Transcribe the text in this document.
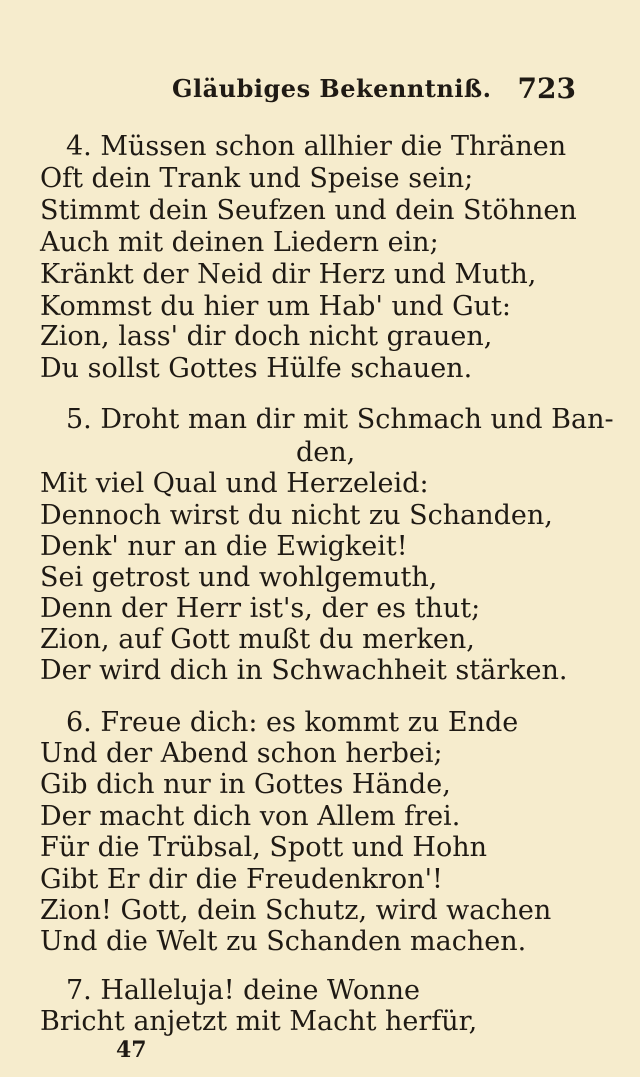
Gläubiges Bekenntniß. 723
4. Müssen schon allhier die Thränen
Oft dein Trank und Speise sein;
Stimmt dein Seufzen und dein Stöhnen
Auch mit deinen Liedern ein;
Kränkt der Neid dir Herz und Muth,
Kommst du hier um Hab' und Gut:
Zion, lass' dir doch nicht grauen,
Du sollst Gottes Hülfe schauen.
5. Droht man dir mit Schmach und Ban-
den,
Mit viel Qual und Herzeleid:
Dennoch wirst du nicht zu Schanden,
Denk' nur an die Ewigkeit!
Sei getrost und wohlgemuth,
Denn der Herr ist's, der es thut;
Zion, auf Gott mußt du merken,
Der wird dich in Schwachheit stärken.
6. Freue dich: es kommt zu Ende
Und der Abend schon herbei;
Gib dich nur in Gottes Hände,
Der macht dich von Allem frei.
Für die Trübsal, Spott und Hohn
Gibt Er dir die Freudenkron'!
Zion! Gott, dein Schutz, wird wachen
Und die Welt zu Schanden machen.
7. Halleluja! deine Wonne
Bricht anjetzt mit Macht herfür,
47
